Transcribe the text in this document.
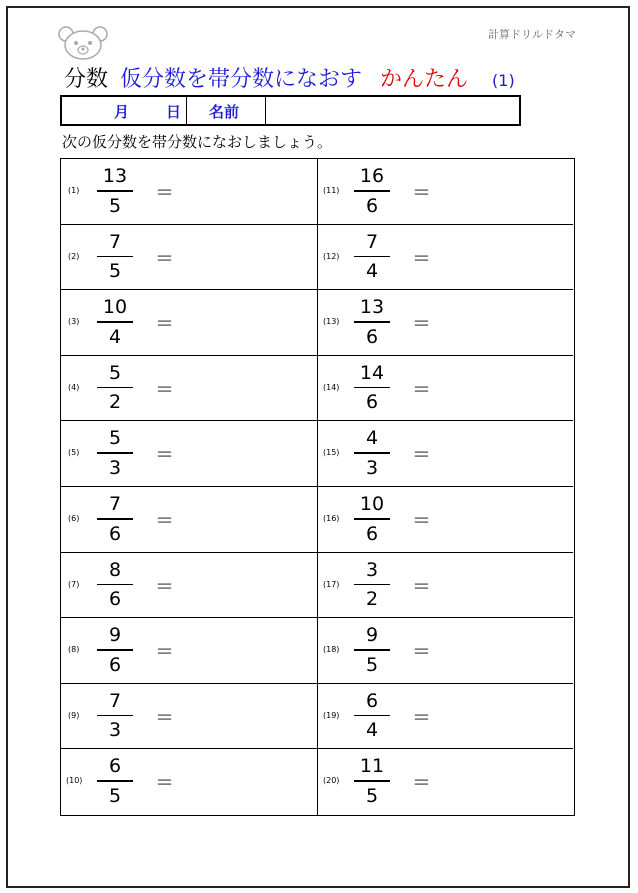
計算ドリルドタマ
分数 仮分数を帯分数になおす かんたん (1)
月 日 名前
次の仮分数を帯分数になおしましょう。
(1)
13
5
＝
(2)
7
5
＝
(3)
10
4
＝
(4)
5
2
＝
(5)
5
3
＝
(6)
7
6
＝
(7)
8
6
＝
(8)
9
6
＝
(9)
7
3
＝
(10)
6
5
＝
(11)
16
6
＝
(12)
7
4
＝
(13)
13
6
＝
(14)
14
6
＝
(15)
4
3
＝
(16)
10
6
＝
(17)
3
2
＝
(18)
9
5
＝
(19)
6
4
＝
(20)
11
5
＝
